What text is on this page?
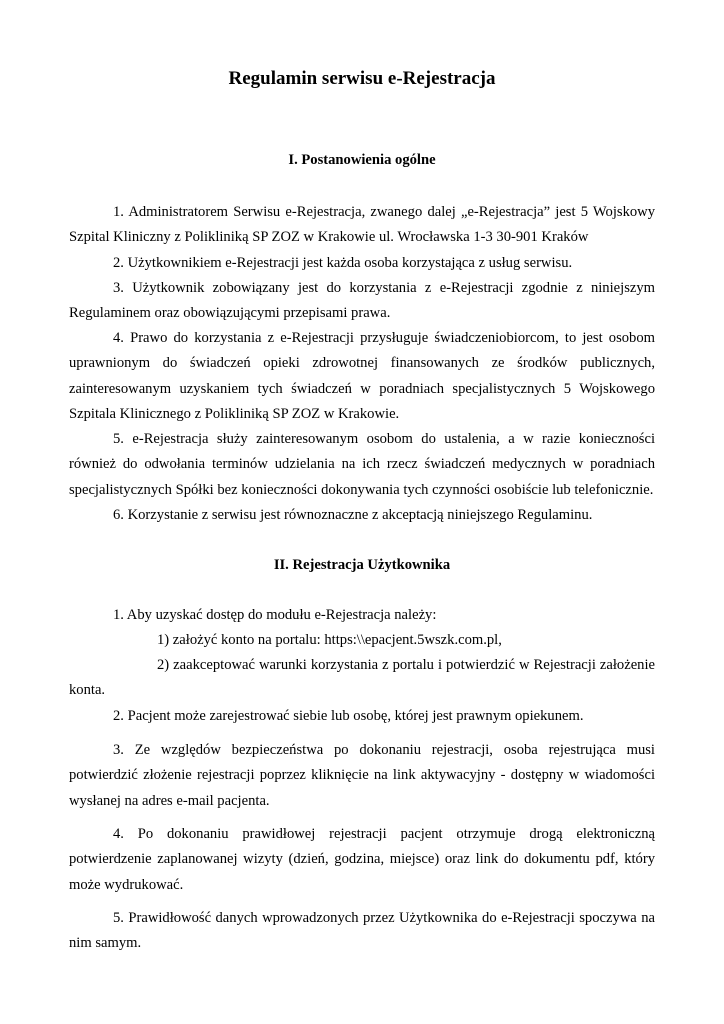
Regulamin serwisu e-Rejestracja
I. Postanowienia ogólne

1. Administratorem Serwisu e-Rejestracja, zwanego dalej „e-Rejestracja” jest 5 Wojskowy Szpital Kliniczny z Polikliniką SP ZOZ w Krakowie ul. Wrocławska 1-3 30-901 Kraków

2. Użytkownikiem e-Rejestracji jest każda osoba korzystająca z usług serwisu.

3. Użytkownik zobowiązany jest do korzystania z e-Rejestracji zgodnie z niniejszym Regulaminem oraz obowiązującymi przepisami prawa.

4. Prawo do korzystania z e-Rejestracji przysługuje świadczeniobiorcom, to jest osobom uprawnionym do świadczeń opieki zdrowotnej finansowanych ze środków publicznych, zainteresowanym uzyskaniem tych świadczeń w poradniach specjalistycznych 5 Wojskowego Szpitala Klinicznego z Polikliniką SP ZOZ w Krakowie.

5. e-Rejestracja służy zainteresowanym osobom do ustalenia, a w razie konieczności również do odwołania terminów udzielania na ich rzecz świadczeń medycznych w poradniach specjalistycznych Spółki bez konieczności dokonywania tych czynności osobiście lub telefonicznie.

6. Korzystanie z serwisu jest równoznaczne z akceptacją niniejszego Regulaminu.

II. Rejestracja Użytkownika

1. Aby uzyskać dostęp do modułu e-Rejestracja należy:

1) założyć konto na portalu: https:\\epacjent.5wszk.com.pl,

2) zaakceptować warunki korzystania z portalu i potwierdzić w Rejestracji założenie konta.

2. Pacjent może zarejestrować siebie lub osobę, której jest prawnym opiekunem.

3. Ze względów bezpieczeństwa po dokonaniu rejestracji, osoba rejestrująca musi potwierdzić złożenie rejestracji poprzez kliknięcie na link aktywacyjny - dostępny w wiadomości wysłanej na adres e-mail pacjenta.

4. Po dokonaniu prawidłowej rejestracji pacjent otrzymuje drogą elektroniczną potwierdzenie zaplanowanej wizyty (dzień, godzina, miejsce) oraz link do dokumentu pdf, który może wydrukować.

5. Prawidłowość danych wprowadzonych przez Użytkownika do e-Rejestracji spoczywa na nim samym.
